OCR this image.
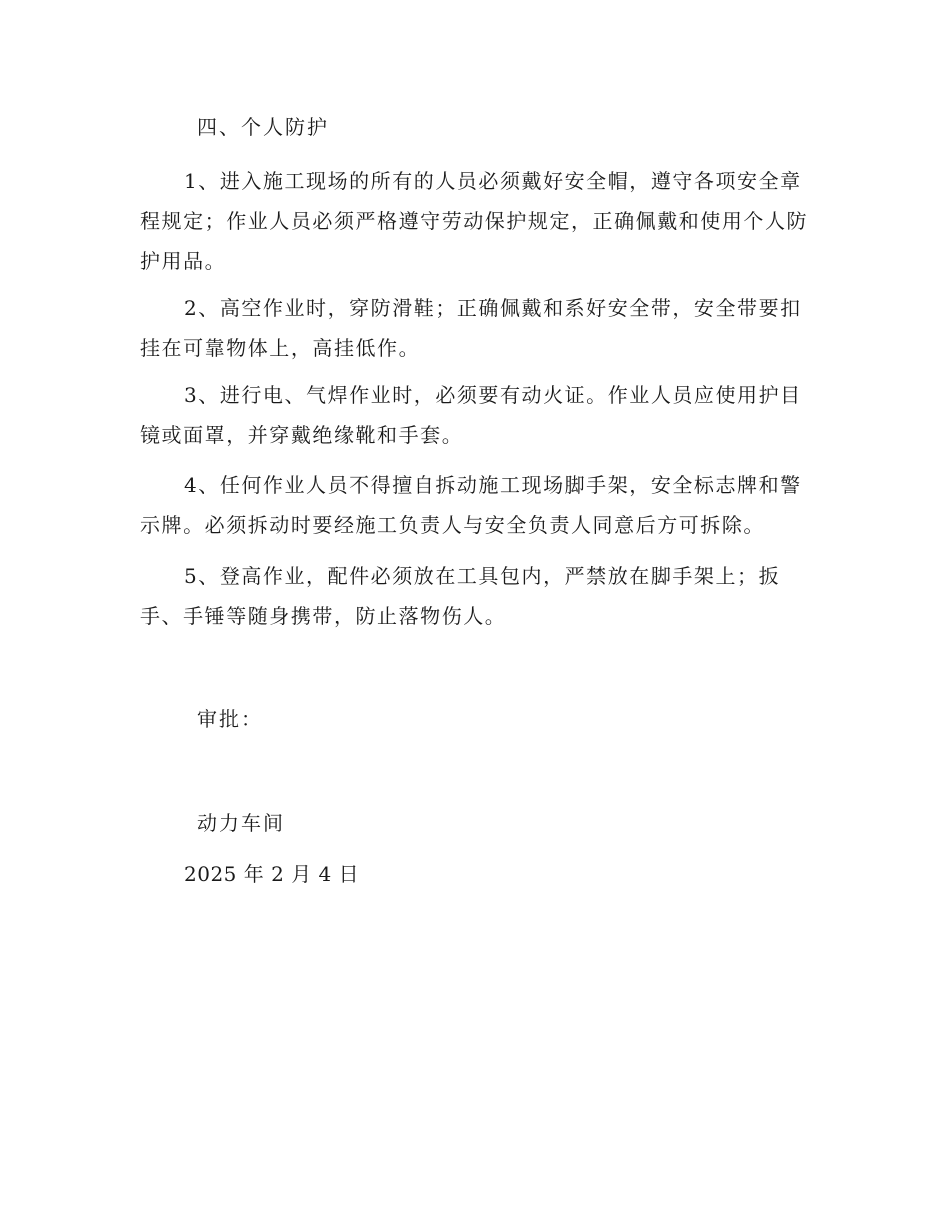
四、个人防护

1、进入施工现场的所有的人员必须戴好安全帽，遵守各项安全章程规定；作业人员必须严格遵守劳动保护规定，正确佩戴和使用个人防护用品。

2、高空作业时，穿防滑鞋；正确佩戴和系好安全带，安全带要扣挂在可靠物体上，高挂低作。

3、进行电、气焊作业时，必须要有动火证。作业人员应使用护目镜或面罩，并穿戴绝缘靴和手套。

4、任何作业人员不得擅自拆动施工现场脚手架，安全标志牌和警示牌。必须拆动时要经施工负责人与安全负责人同意后方可拆除。

5、登高作业，配件必须放在工具包内，严禁放在脚手架上；扳手、手锤等随身携带，防止落物伤人。

审批：
动力车间
2025 年 2 月 4 日
